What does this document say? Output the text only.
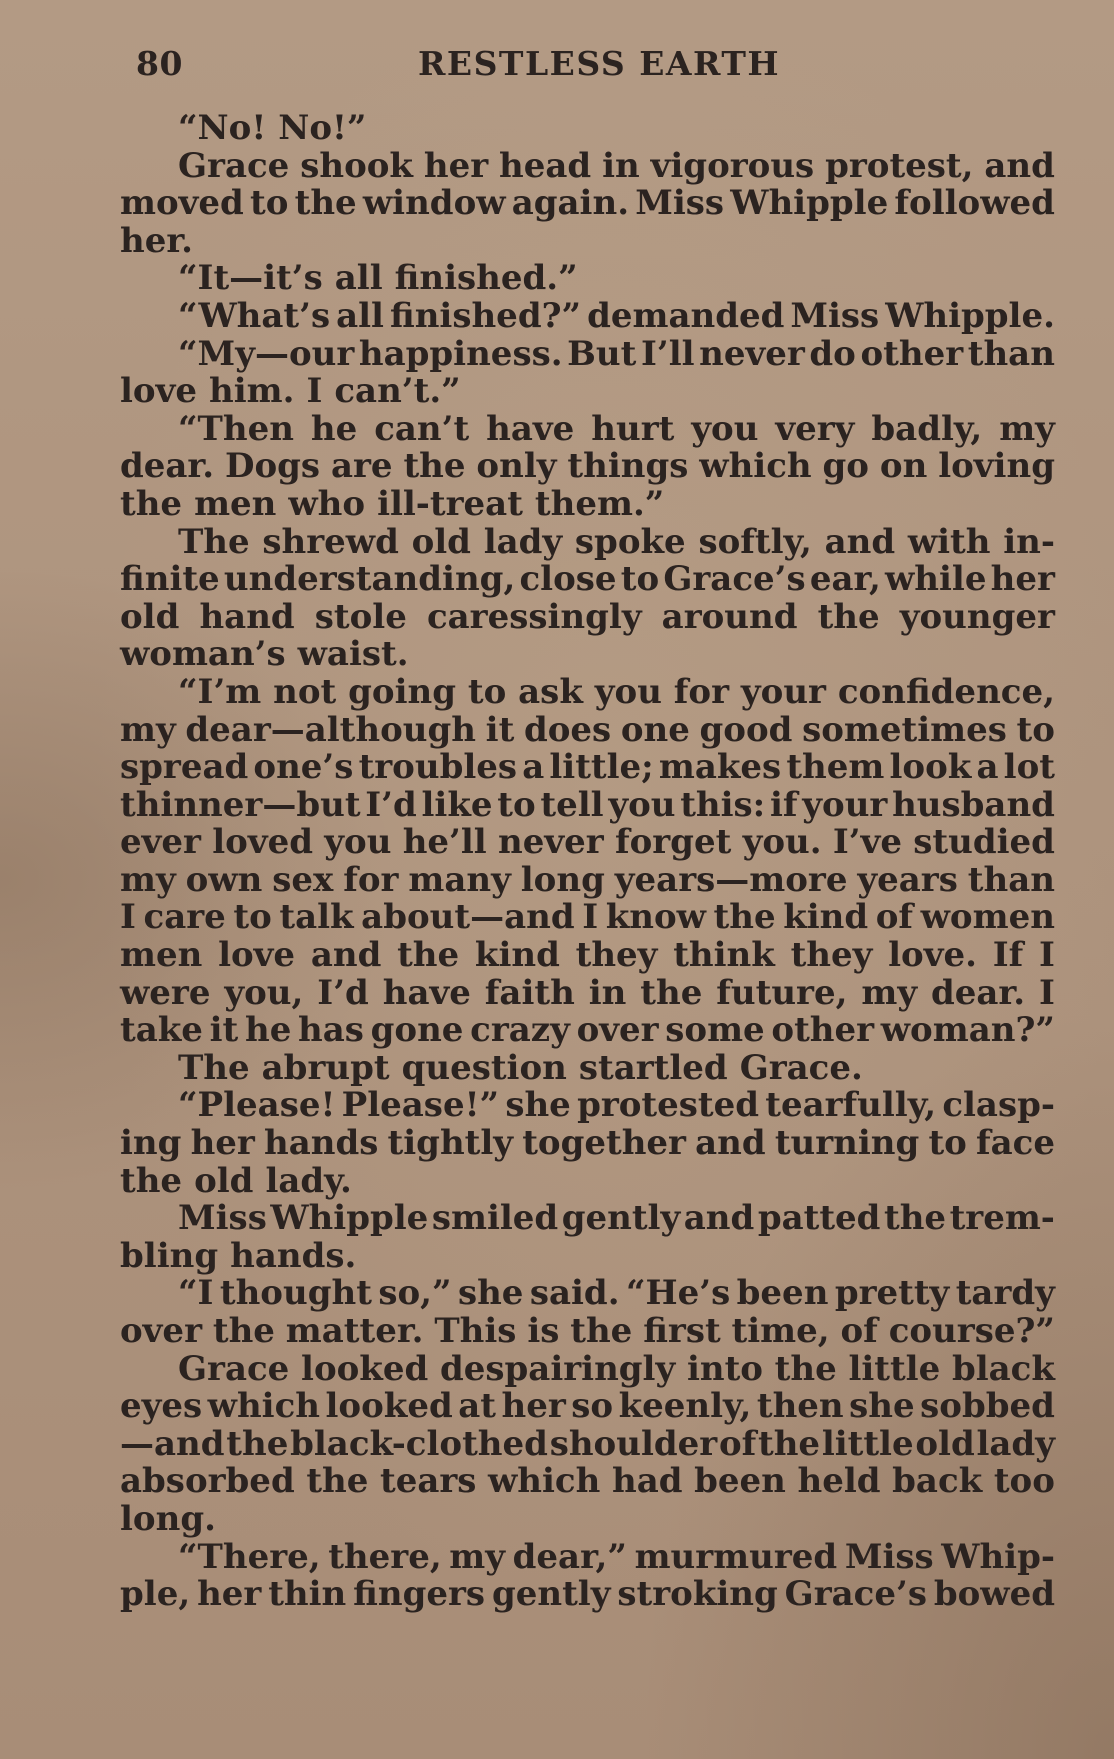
80	RESTLESS EARTH
“No! No!”
Grace shook her head in vigorous protest, and
moved to the window again. Miss Whipple followed
her.
“It—it’s all finished.”
“What’s all finished?” demanded Miss Whipple.
“My—our happiness. But I’ll never do other than
love him. I can’t.”
“Then he can’t have hurt you very badly, my
dear. Dogs are the only things which go on loving
the men who ill-treat them.”
The shrewd old lady spoke softly, and with in-
finite understanding, close to Grace’s ear, while her
old hand stole caressingly around the younger
woman’s waist.
“I’m not going to ask you for your confidence,
my dear—although it does one good sometimes to
spread one’s troubles a little; makes them look a lot
thinner—but I’d like to tell you this: if your husband
ever loved you he’ll never forget you. I’ve studied
my own sex for many long years—more years than
I care to talk about—and I know the kind of women
men love and the kind they think they love. If I
were you, I’d have faith in the future, my dear. I
take it he has gone crazy over some other woman?”
The abrupt question startled Grace.
“Please! Please!” she protested tearfully, clasp-
ing her hands tightly together and turning to face
the old lady.
Miss Whipple smiled gently and patted the trem-
bling hands.
“I thought so,” she said. “He’s been pretty tardy
over the matter. This is the first time, of course?”
Grace looked despairingly into the little black
eyes which looked at her so keenly, then she sobbed
—and the black-clothed shoulder of the little old lady
absorbed the tears which had been held back too
long.
“There, there, my dear,” murmured Miss Whip-
ple, her thin fingers gently stroking Grace’s bowed
